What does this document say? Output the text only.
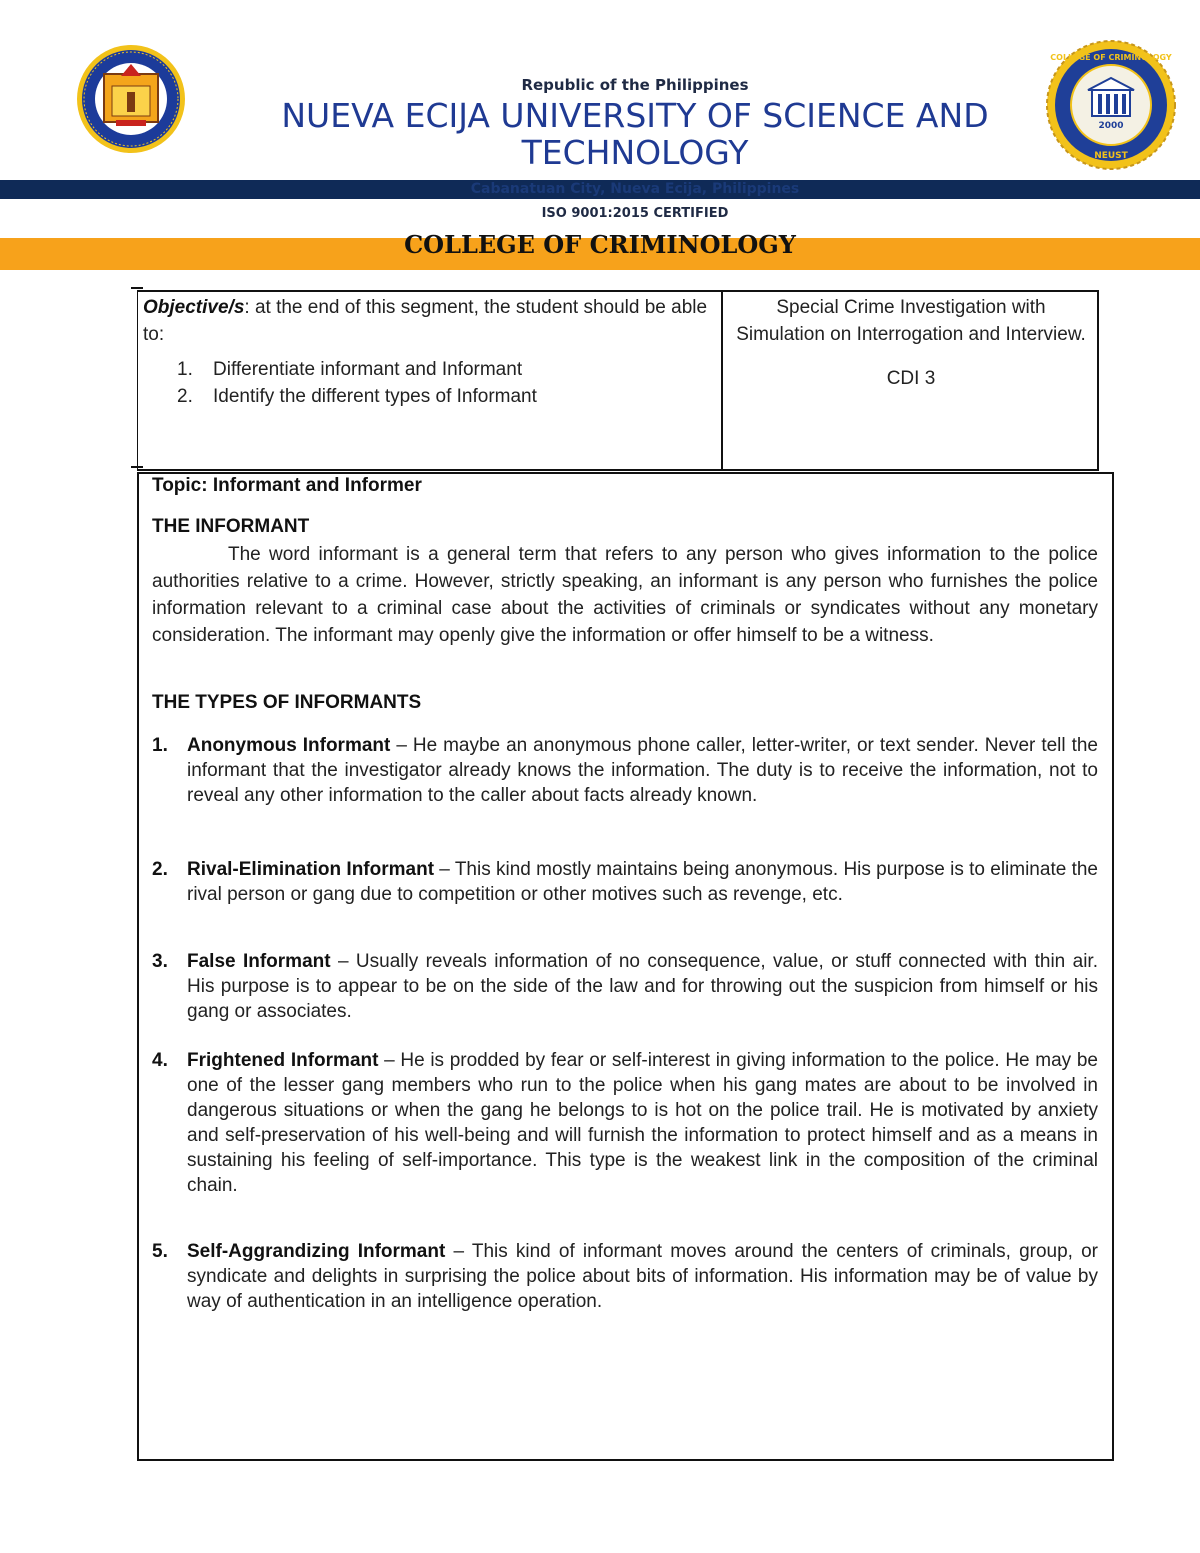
2000
NEUST
COLLEGE OF CRIMINOLOGY
Republic of the Philippines
NUEVA ECIJA UNIVERSITY OF SCIENCE AND
TECHNOLOGY
Cabanatuan City, Nueva Ecija, Philippines
ISO 9001:2015 CERTIFIED
COLLEGE OF CRIMINOLOGY
Objective/s: at the end of this segment, the student should be able to:
1.	Differentiate informant and Informant
2.	Identify the different types of Informant
Special Crime Investigation with Simulation on Interrogation and Interview.
CDI 3
Topic: Informant and Informer
THE INFORMANT
The word informant is a general term that refers to any person who gives information to the police authorities relative to a crime. However, strictly speaking, an informant is any person who furnishes the police information relevant to a criminal case about the activities of criminals or syndicates without any monetary consideration. The informant may openly give the information or offer himself to be a witness.
THE TYPES OF INFORMANTS
1. Anonymous Informant – He maybe an anonymous phone caller, letter-writer, or text sender. Never tell the informant that the investigator already knows the information. The duty is to receive the information, not to reveal any other information to the caller about facts already known.
2. Rival-Elimination Informant – This kind mostly maintains being anonymous. His purpose is to eliminate the rival person or gang due to competition or other motives such as revenge, etc.
3. False Informant – Usually reveals information of no consequence, value, or stuff connected with thin air. His purpose is to appear to be on the side of the law and for throwing out the suspicion from himself or his gang or associates.
4. Frightened Informant – He is prodded by fear or self-interest in giving information to the police. He may be one of the lesser gang members who run to the police when his gang mates are about to be involved in dangerous situations or when the gang he belongs to is hot on the police trail. He is motivated by anxiety and self-preservation of his well-being and will furnish the information to protect himself and as a means in sustaining his feeling of self-importance. This type is the weakest link in the composition of the criminal chain.
5. Self-Aggrandizing Informant – This kind of informant moves around the centers of criminals, group, or syndicate and delights in surprising the police about bits of information. His information may be of value by way of authentication in an intelligence operation.
